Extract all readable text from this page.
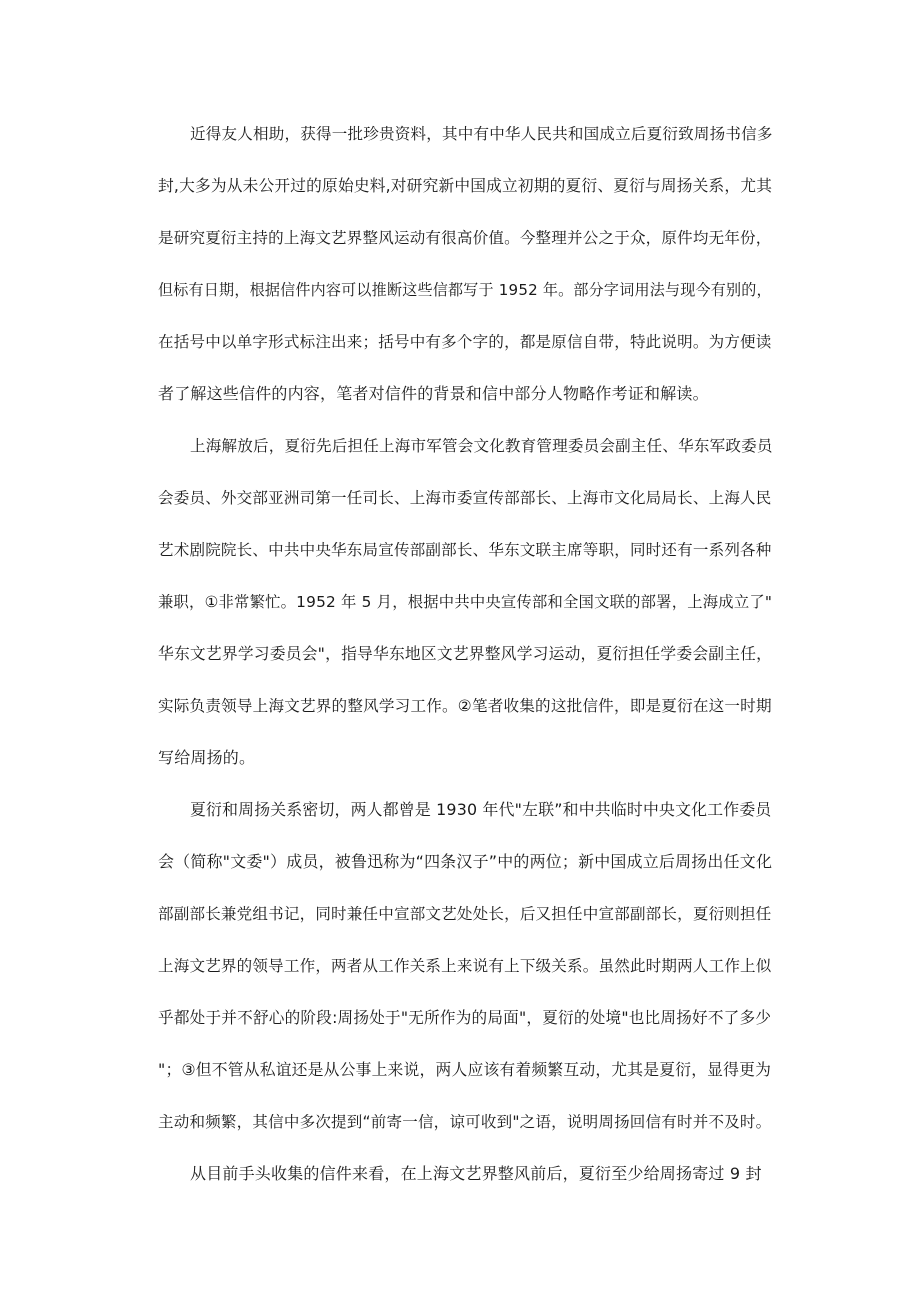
近得友人相助，获得一批珍贵资料，其中有中华人民共和国成立后夏衍致周扬书信多
封,大多为从未公开过的原始史料,对研究新中国成立初期的夏衍、夏衍与周扬关系，尤其
是研究夏衍主持的上海文艺界整风运动有很高价值。今整理并公之于众，原件均无年份，
但标有日期，根据信件内容可以推断这些信都写于 1952 年。部分字词用法与现今有别的，
在括号中以单字形式标注出来；括号中有多个字的，都是原信自带，特此说明。为方便读
者了解这些信件的内容，笔者对信件的背景和信中部分人物略作考证和解读。
上海解放后，夏衍先后担任上海市军管会文化教育管理委员会副主任、华东军政委员
会委员、外交部亚洲司第一任司长、上海市委宣传部部长、上海市文化局局长、上海人民
艺术剧院院长、中共中央华东局宣传部副部长、华东文联主席等职，同时还有一系列各种
兼职，①非常繁忙。1952 年 5 月，根据中共中央宣传部和全国文联的部署，上海成立了"
华东文艺界学习委员会"，指导华东地区文艺界整风学习运动，夏衍担任学委会副主任，
实际负责领导上海文艺界的整风学习工作。②笔者收集的这批信件，即是夏衍在这一时期
写给周扬的。
夏衍和周扬关系密切，两人都曾是 1930 年代"左联”和中共临时中央文化工作委员
会（简称"文委"）成员，被鲁迅称为“四条汉子”中的两位；新中国成立后周扬出任文化
部副部长兼党组书记，同时兼任中宣部文艺处处长，后又担任中宣部副部长，夏衍则担任
上海文艺界的领导工作，两者从工作关系上来说有上下级关系。虽然此时期两人工作上似
乎都处于并不舒心的阶段:周扬处于"无所作为的局面"，夏衍的处境"也比周扬好不了多少
"；③但不管从私谊还是从公事上来说，两人应该有着频繁互动，尤其是夏衍，显得更为
主动和频繁，其信中多次提到“前寄一信，谅可收到"之语，说明周扬回信有时并不及时。
从目前手头收集的信件来看，在上海文艺界整风前后，夏衍至少给周扬寄过 9 封
